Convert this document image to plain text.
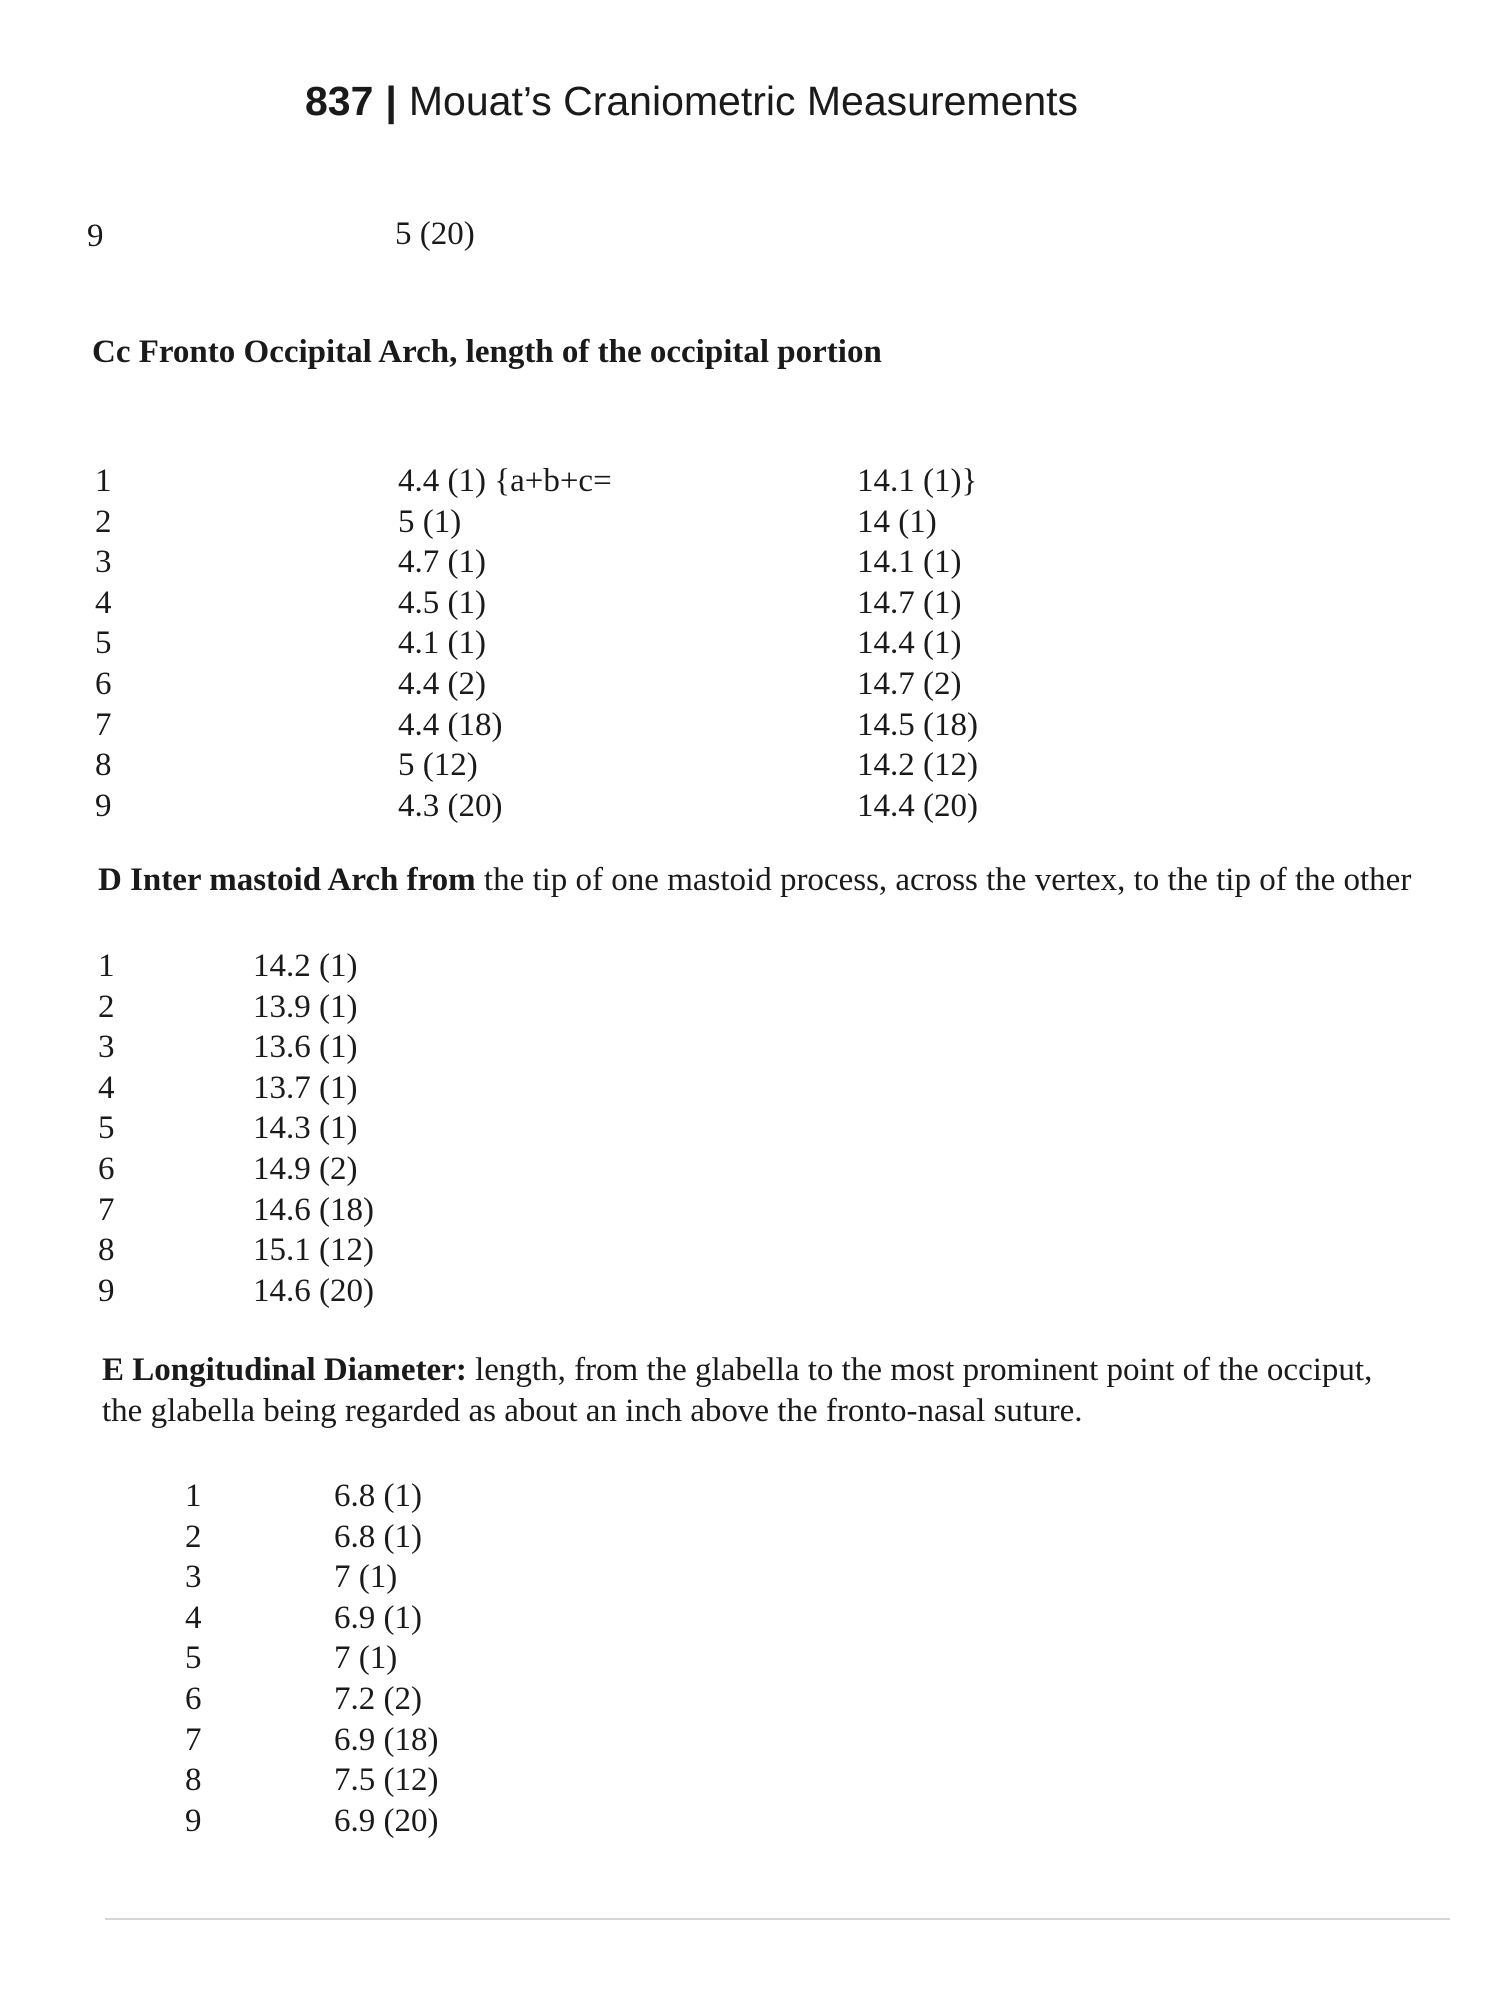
837 | Mouat’s Craniometric Measurements
9	5 (20)
Cc Fronto Occipital Arch, length of the occipital portion
1	4.4 (1) {a+b+c=	14.1 (1)}
2	5 (1)	14 (1)
3	4.7 (1)	14.1 (1)
4	4.5 (1)	14.7 (1)
5	4.1 (1)	14.4 (1)
6	4.4 (2)	14.7 (2)
7	4.4 (18)	14.5 (18)
8	5 (12)	14.2 (12)
9	4.3 (20)	14.4 (20)
D Inter mastoid Arch from the tip of one mastoid process, across the vertex, to the tip of the other
1	14.2 (1)
2	13.9 (1)
3	13.6 (1)
4	13.7 (1)
5	14.3 (1)
6	14.9 (2)
7	14.6 (18)
8	15.1 (12)
9	14.6 (20)
E Longitudinal Diameter: length, from the glabella to the most prominent point of the occiput, the glabella being regarded as about an inch above the fronto-nasal suture.
1	6.8 (1)
2	6.8 (1)
3	7 (1)
4	6.9 (1)
5	7 (1)
6	7.2 (2)
7	6.9 (18)
8	7.5 (12)
9	6.9 (20)
